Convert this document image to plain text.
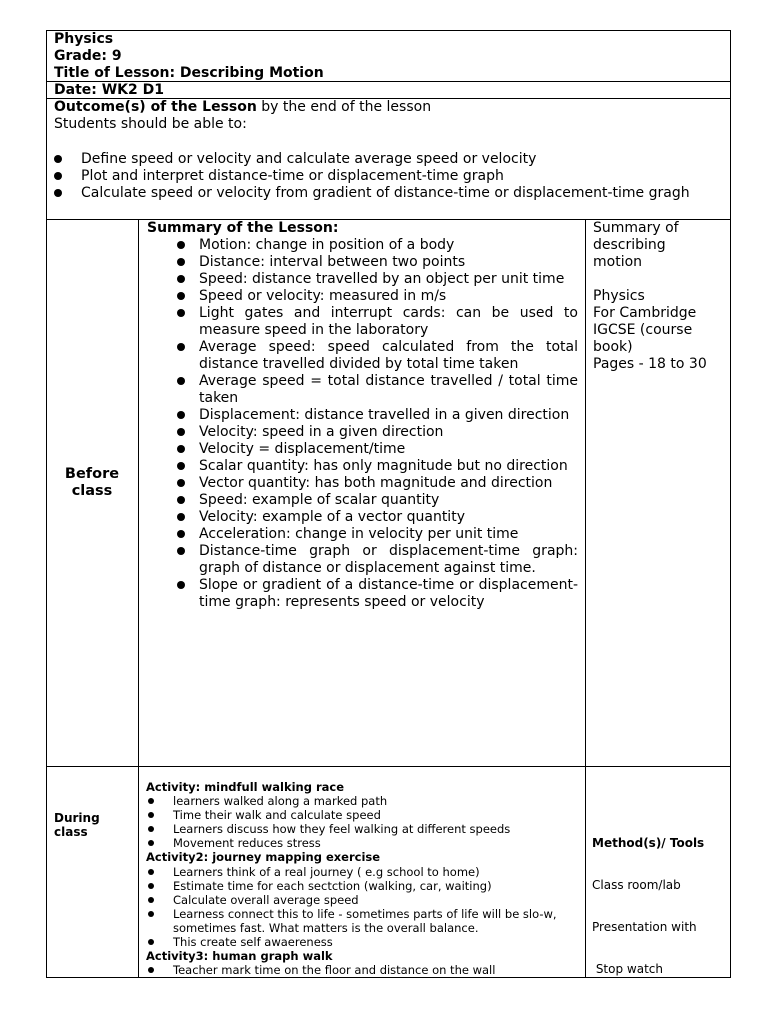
Physics
Grade: 9
Title of Lesson: Describing Motion
Date: WK2 D1
Outcome(s) of the Lesson by the end of the lesson
Students should be able to:
Define speed or velocity and calculate average speed or velocity
Plot and interpret distance-time or displacement-time graph
Calculate speed or velocity from gradient of distance-time or displacement-time gragh
Before
class
Summary of the Lesson:
Motion: change in position of a body
Distance: interval between two points
Speed: distance travelled by an object per unit time
Speed or velocity: measured in m/s
Light gates and interrupt cards: can be used to measure speed in the laboratory
Average speed: speed calculated from the total distance travelled divided by total time taken
Average speed = total distance travelled / total time taken
Displacement: distance travelled in a given direction
Velocity: speed in a given direction
Velocity = displacement/time
Scalar quantity: has only magnitude but no direction
Vector quantity: has both magnitude and direction
Speed: example of scalar quantity
Velocity: example of a vector quantity
Acceleration: change in velocity per unit time
Distance-time graph or displacement-time graph: graph of distance or displacement against time.
Slope or gradient of a distance-time or displacement-time graph: represents speed or velocity
Summary of
describing
motion
Physics
For Cambridge
IGCSE (course
book)
Pages - 18 to 30
During
class
Activity: mindfull walking race
learners walked along a marked path
Time their walk and calculate speed
Learners discuss how they feel walking at different speeds
Movement reduces stress
Activity2: journey mapping exercise
Learners think of a real journey ( e.g school to home)
Estimate time for each sectction (walking, car, waiting)
Calculate overall average speed
Learness connect this to life - sometimes parts of life will be slo-w, sometimes fast. What matters is the overall balance.
This create self awaereness
Activity3: human graph walk
Teacher mark time on the floor and distance on the wall

Method(s)/ Tools

Class room/lab

Presentation with

Stop watch
